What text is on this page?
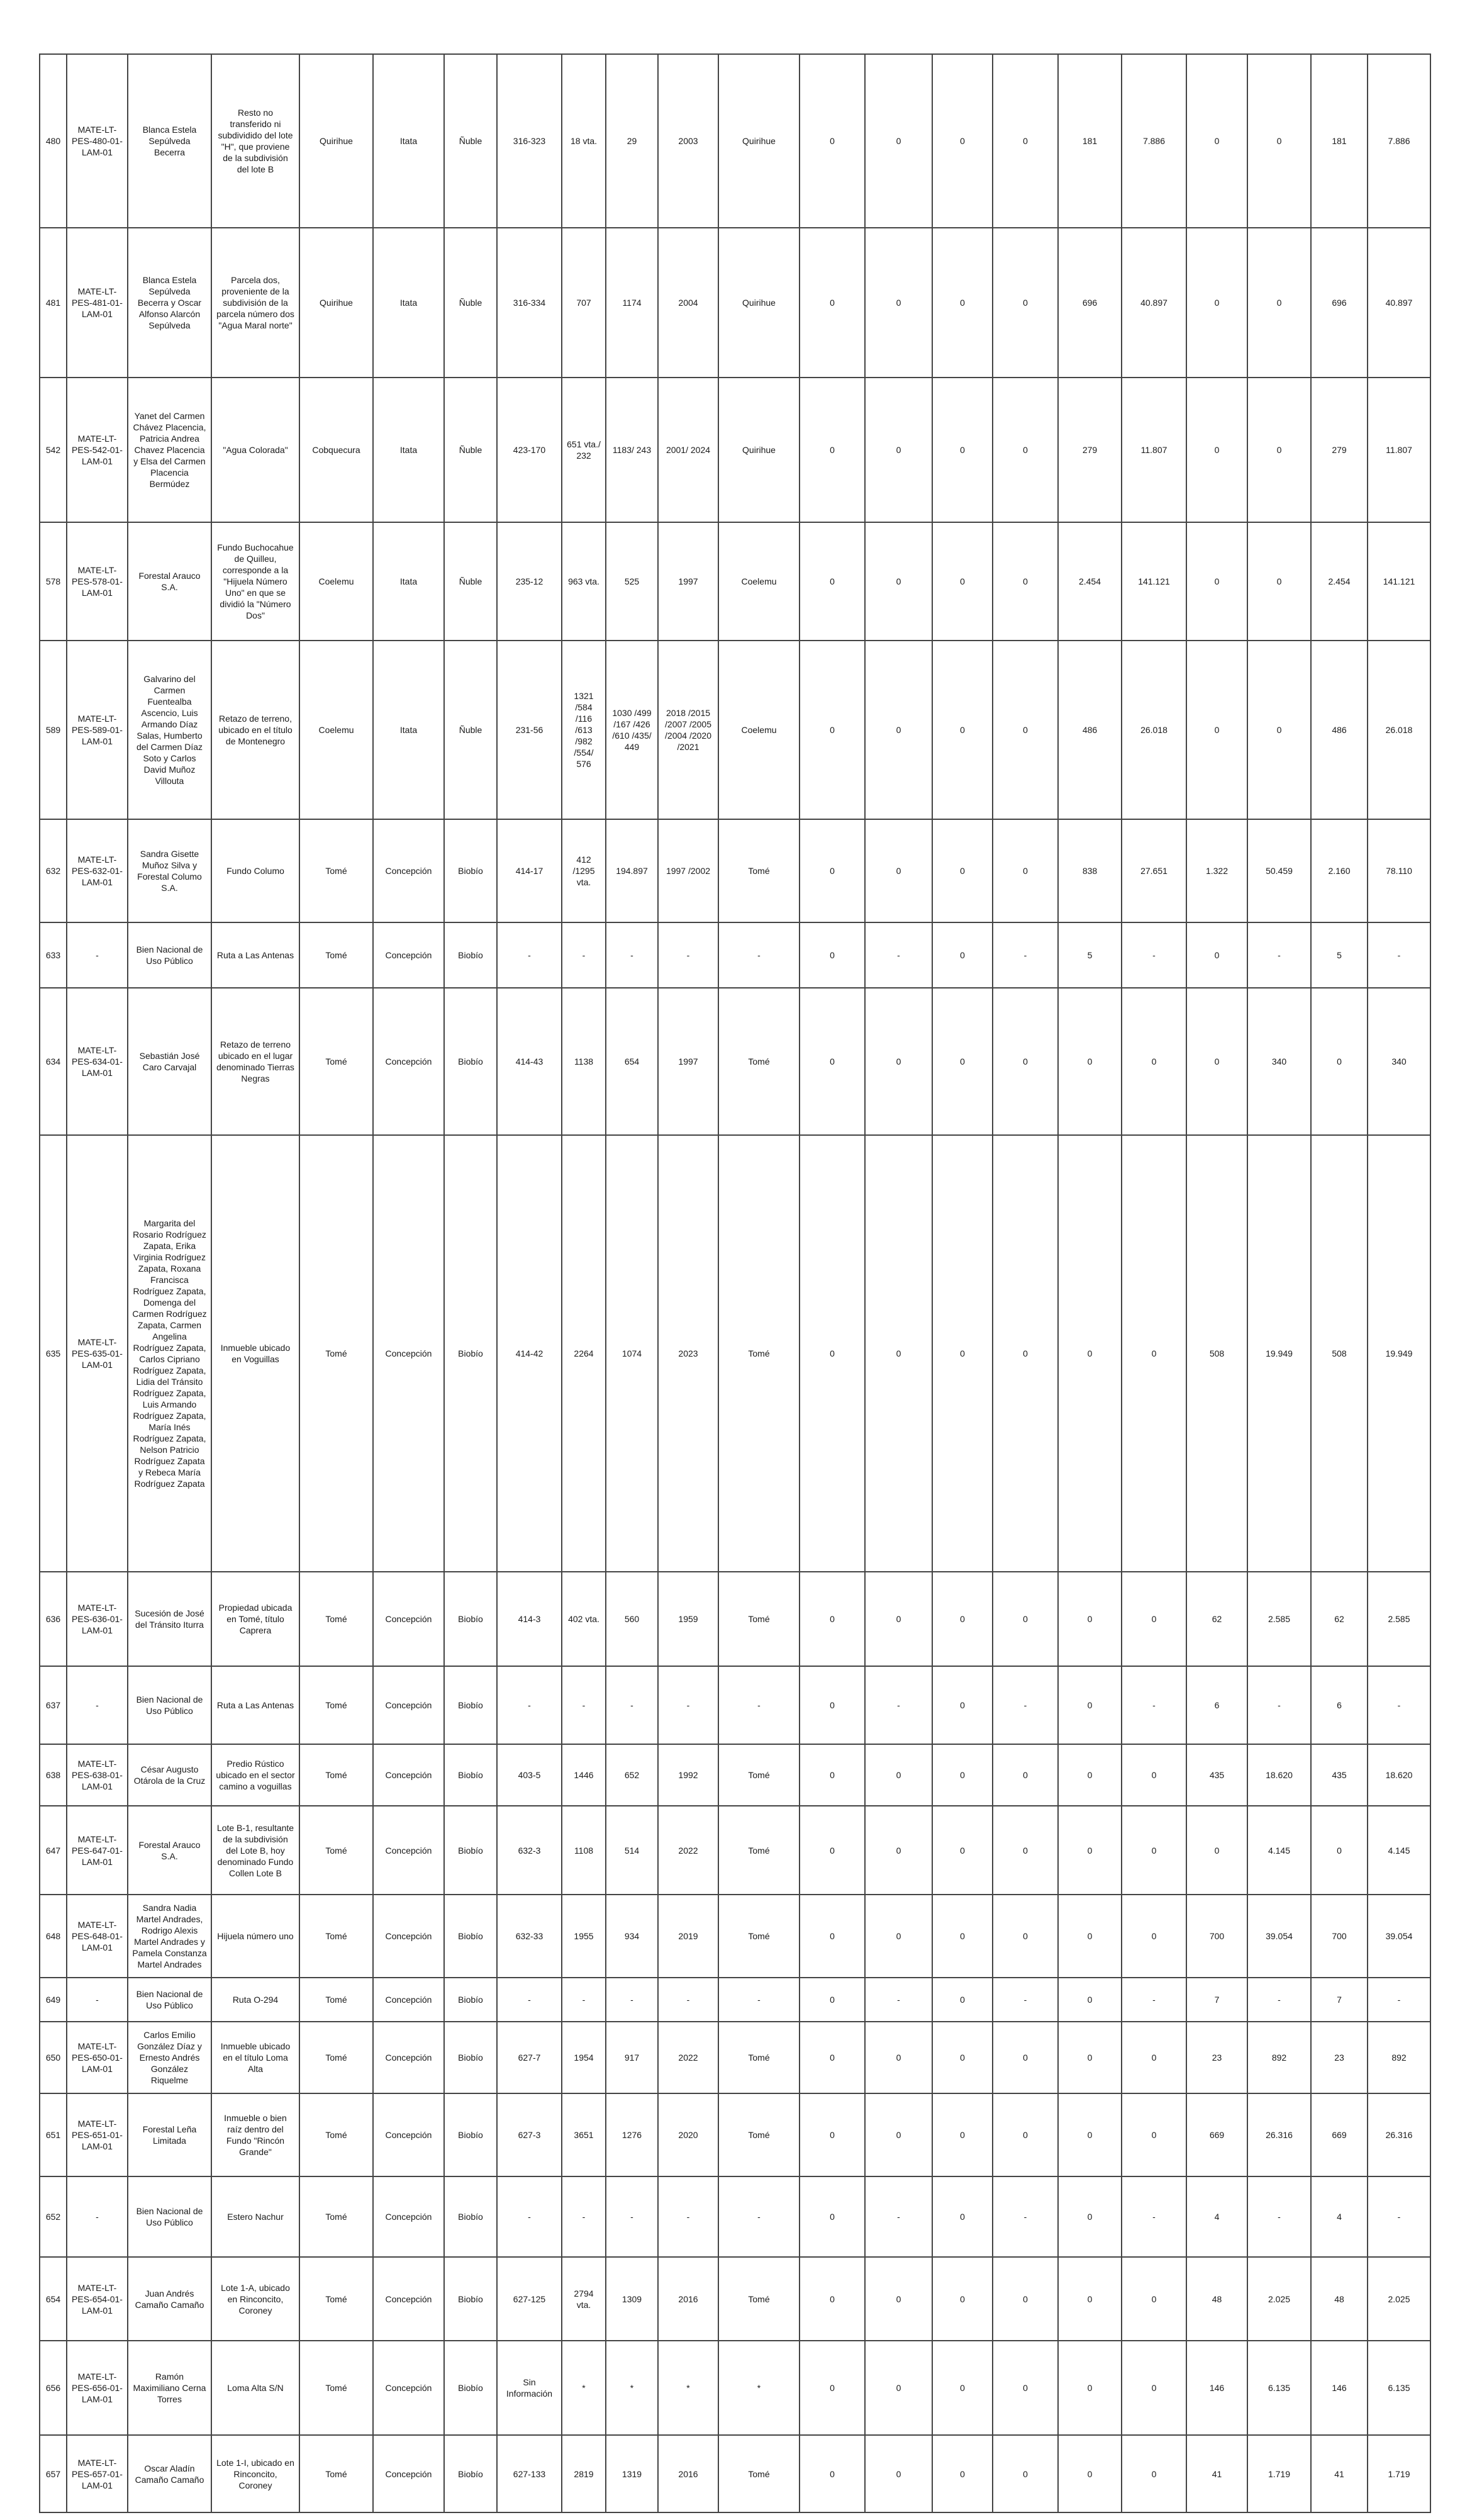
480	MATE-LT-PES-480-01-LAM-01	Blanca Estela Sepúlveda Becerra	Resto no transferido ni subdividido del lote "H", que proviene de la subdivisión del lote B	Quirihue	Itata	Ñuble	316-323	18 vta.	29	2003	Quirihue	0	0	0	0	181	7.886	0	0	181	7.886
481	MATE-LT-PES-481-01-LAM-01	Blanca Estela Sepúlveda Becerra y Oscar Alfonso Alarcón Sepúlveda	Parcela dos, proveniente de la subdivisión de la parcela número dos "Agua Maral norte"	Quirihue	Itata	Ñuble	316-334	707	1174	2004	Quirihue	0	0	0	0	696	40.897	0	0	696	40.897
542	MATE-LT-PES-542-01-LAM-01	Yanet del Carmen Chávez Placencia, Patricia Andrea Chavez Placencia y Elsa del Carmen Placencia Bermúdez	"Agua Colorada"	Cobquecura	Itata	Ñuble	423-170	651 vta./ 232	1183/ 243	2001/ 2024	Quirihue	0	0	0	0	279	11.807	0	0	279	11.807
578	MATE-LT-PES-578-01-LAM-01	Forestal Arauco S.A.	Fundo Buchocahue de Quilleu, corresponde a la "Hijuela Número Uno" en que se dividió la "Número Dos"	Coelemu	Itata	Ñuble	235-12	963 vta.	525	1997	Coelemu	0	0	0	0	2.454	141.121	0	0	2.454	141.121
589	MATE-LT-PES-589-01-LAM-01	Galvarino del Carmen Fuentealba Ascencio, Luis Armando Díaz Salas, Humberto del Carmen Díaz Soto y Carlos David Muñoz Villouta	Retazo de terreno, ubicado en el título de Montenegro	Coelemu	Itata	Ñuble	231-56	1321 /584 /116 /613 /982 /554/ 576	1030 /499 /167 /426 /610 /435/ 449	2018 /2015 /2007 /2005 /2004 /2020 /2021	Coelemu	0	0	0	0	486	26.018	0	0	486	26.018
632	MATE-LT-PES-632-01-LAM-01	Sandra Gisette Muñoz Silva y Forestal Columo S.A.	Fundo Columo	Tomé	Concepción	Biobío	414-17	412 /1295 vta.	194.897	1997 /2002	Tomé	0	0	0	0	838	27.651	1.322	50.459	2.160	78.110
633	-	Bien Nacional de Uso Público	Ruta a Las Antenas	Tomé	Concepción	Biobío	-	-	-	-	-	0	-	0	-	5	-	0	-	5	-
634	MATE-LT-PES-634-01-LAM-01	Sebastián José Caro Carvajal	Retazo de terreno ubicado en el lugar denominado Tierras Negras	Tomé	Concepción	Biobío	414-43	1138	654	1997	Tomé	0	0	0	0	0	0	0	340	0	340
635	MATE-LT-PES-635-01-LAM-01	Margarita del Rosario Rodríguez Zapata, Erika Virginia Rodríguez Zapata, Roxana Francisca Rodríguez Zapata, Domenga del Carmen Rodríguez Zapata, Carmen Angelina Rodríguez Zapata, Carlos Cipriano Rodríguez Zapata, Lidia del Tránsito Rodríguez Zapata, Luis Armando Rodríguez Zapata, María Inés Rodríguez Zapata, Nelson Patricio Rodríguez Zapata y Rebeca María Rodríguez Zapata	Inmueble ubicado en Voguillas	Tomé	Concepción	Biobío	414-42	2264	1074	2023	Tomé	0	0	0	0	0	0	508	19.949	508	19.949
636	MATE-LT-PES-636-01-LAM-01	Sucesión de José del Tránsito Iturra	Propiedad ubicada en Tomé, título Caprera	Tomé	Concepción	Biobío	414-3	402 vta.	560	1959	Tomé	0	0	0	0	0	0	62	2.585	62	2.585
637	-	Bien Nacional de Uso Público	Ruta a Las Antenas	Tomé	Concepción	Biobío	-	-	-	-	-	0	-	0	-	0	-	6	-	6	-
638	MATE-LT-PES-638-01-LAM-01	César Augusto Otárola de la Cruz	Predio Rústico ubicado en el sector camino a voguillas	Tomé	Concepción	Biobío	403-5	1446	652	1992	Tomé	0	0	0	0	0	0	435	18.620	435	18.620
647	MATE-LT-PES-647-01-LAM-01	Forestal Arauco S.A.	Lote B-1, resultante de la subdivisión del Lote B, hoy denominado Fundo Collen Lote B	Tomé	Concepción	Biobío	632-3	1108	514	2022	Tomé	0	0	0	0	0	0	0	4.145	0	4.145
648	MATE-LT-PES-648-01-LAM-01	Sandra Nadia Martel Andrades, Rodrigo Alexis Martel Andrades y Pamela Constanza Martel Andrades	Hijuela número uno	Tomé	Concepción	Biobío	632-33	1955	934	2019	Tomé	0	0	0	0	0	0	700	39.054	700	39.054
649	-	Bien Nacional de Uso Público	Ruta O-294	Tomé	Concepción	Biobío	-	-	-	-	-	0	-	0	-	0	-	7	-	7	-
650	MATE-LT-PES-650-01-LAM-01	Carlos Emilio González Díaz y Ernesto Andrés González Riquelme	Inmueble ubicado en el título Loma Alta	Tomé	Concepción	Biobío	627-7	1954	917	2022	Tomé	0	0	0	0	0	0	23	892	23	892
651	MATE-LT-PES-651-01-LAM-01	Forestal Leña Limitada	Inmueble o bien raíz dentro del Fundo "Rincón Grande"	Tomé	Concepción	Biobío	627-3	3651	1276	2020	Tomé	0	0	0	0	0	0	669	26.316	669	26.316
652	-	Bien Nacional de Uso Público	Estero Nachur	Tomé	Concepción	Biobío	-	-	-	-	-	0	-	0	-	0	-	4	-	4	-
654	MATE-LT-PES-654-01-LAM-01	Juan Andrés Camaño Camaño	Lote 1-A, ubicado en Rinconcito, Coroney	Tomé	Concepción	Biobío	627-125	2794 vta.	1309	2016	Tomé	0	0	0	0	0	0	48	2.025	48	2.025
656	MATE-LT-PES-656-01-LAM-01	Ramón Maximiliano Cerna Torres	Loma Alta S/N	Tomé	Concepción	Biobío	Sin Información	*	*	*	*	0	0	0	0	0	0	146	6.135	146	6.135
657	MATE-LT-PES-657-01-LAM-01	Oscar Aladín Camaño Camaño	Lote 1-I, ubicado en Rinconcito, Coroney	Tomé	Concepción	Biobío	627-133	2819	1319	2016	Tomé	0	0	0	0	0	0	41	1.719	41	1.719
